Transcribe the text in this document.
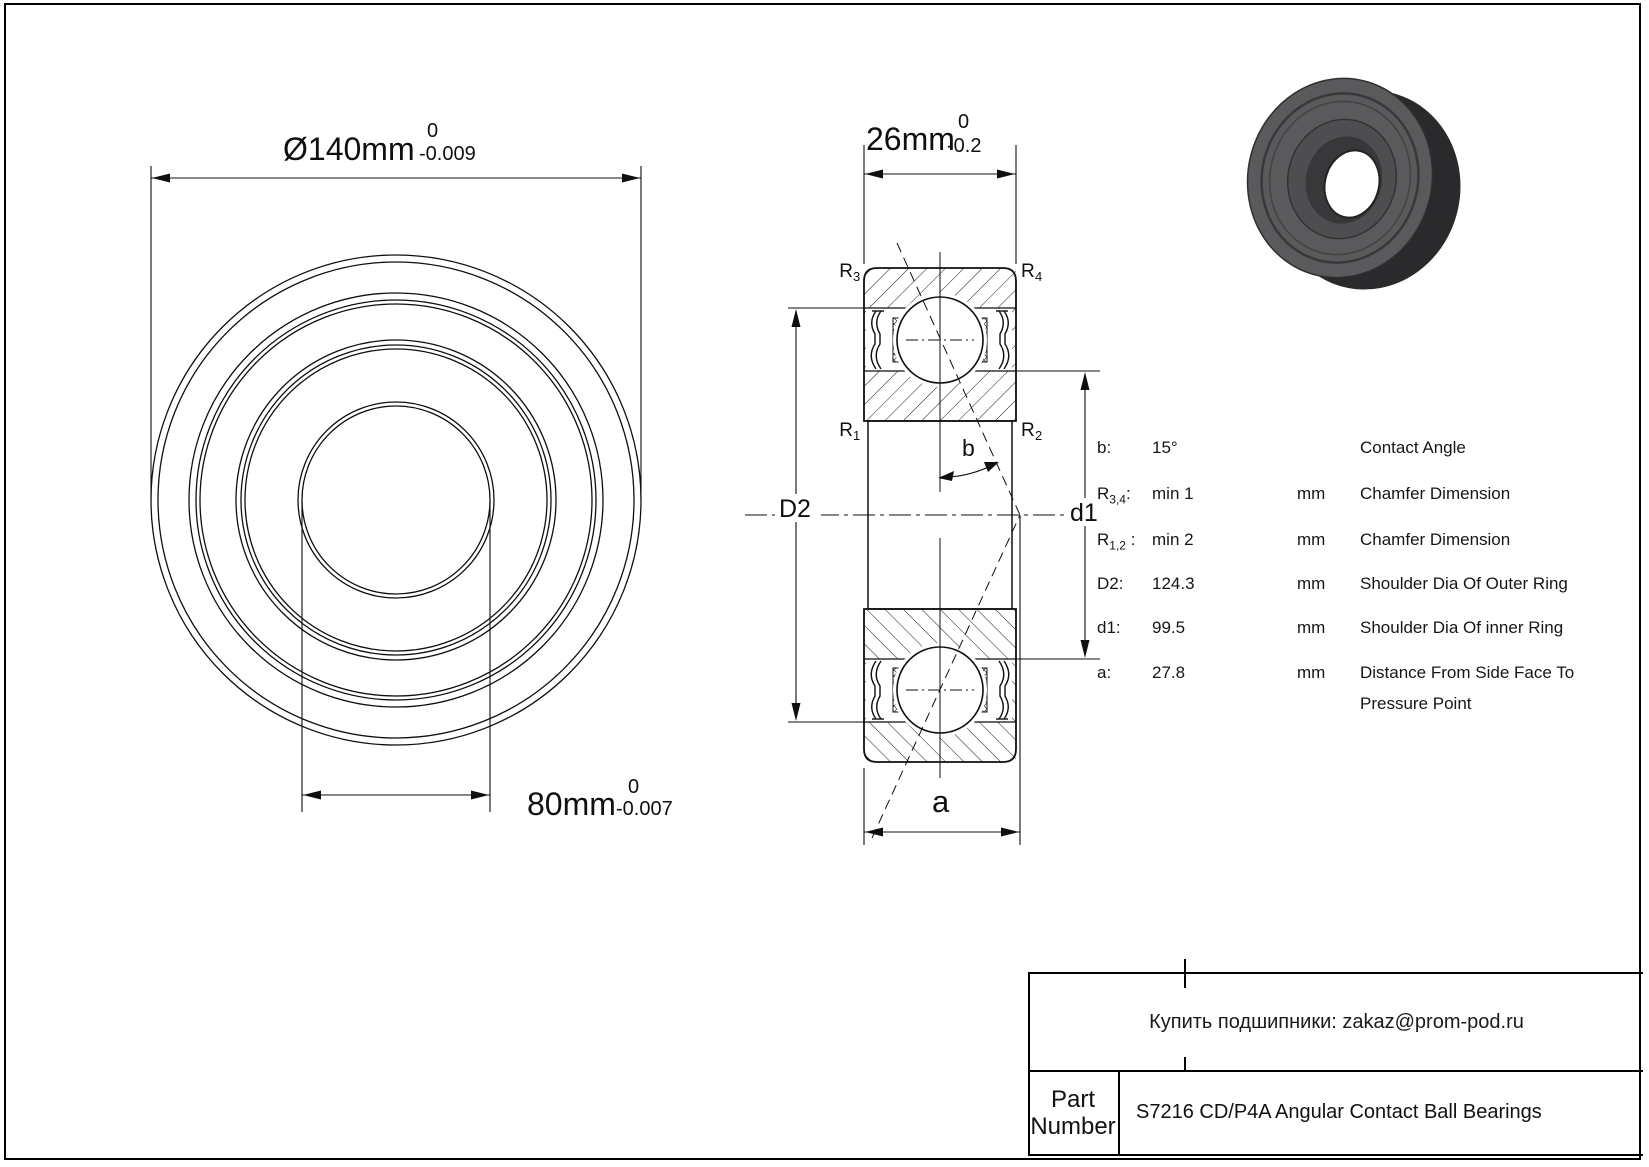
Ø140mm 0
-0.009
80mm 0
-0.007
26mm 0
-0.2
b
D2	d1
a
R 3	R 4
R 1	R 2
b: 15°	Contact Angle
$R_{3,4}$: min 1	mm Chamfer Dimension
$R_{1,2}$ : min 2	mm Chamfer Dimension
D2: 124.3	mm Shoulder Dia Of Outer Ring
d1: 99.5	mm Shoulder Dia Of inner Ring
a: 27.8	mm Distance From Side Face To
Pressure Point
Купить подшипники: zakaz@prom-pod.ru
Part
Number
S7216 CD/P4A Angular Contact Ball Bearings
